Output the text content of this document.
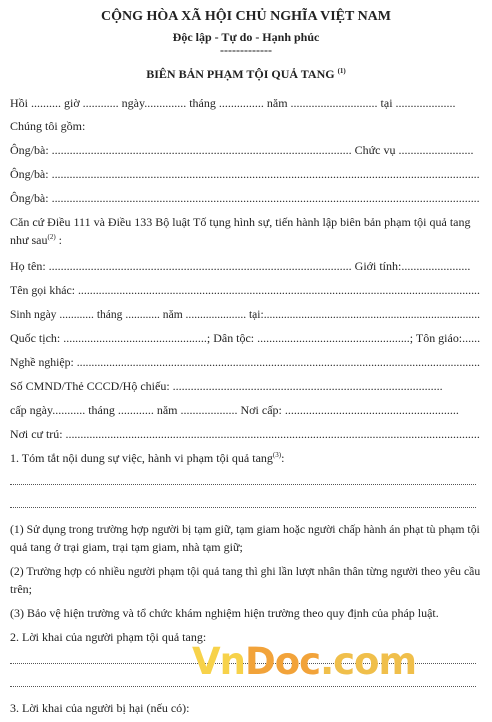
CỘNG HÒA XÃ HỘI CHỦ NGHĨA VIỆT NAM
Độc lập - Tự do - Hạnh phúc
-------------
BIÊN BẢN PHẠM TỘI QUẢ TANG $^{(1)}$
Hồi .......... giờ ............ ngày.............. tháng ............... năm ............................. tại ....................
Chúng tôi gồm:
Ông/bà: .................................................................................................... Chức vụ .........................
Ông/bà: ...............................................................................................................................................
Ông/bà: ...............................................................................................................................................
Căn cứ Điều 111 và Điều 133 Bộ luật Tố tụng hình sự, tiến hành lập biên bản phạm tội quả tang
như sau$^{(2)}$ :
Họ tên: ..................................................................................................... Giới tính:.......................
Tên gọi khác: ........................................................................................................................................
Sinh ngày ............ tháng ............ năm ..................... tại:...........................................................................
Quốc tịch: ................................................; Dân tộc: ...................................................; Tôn giáo:......
Nghề nghiệp: .........................................................................................................................................
Số CMND/Thẻ CCCD/Hộ chiếu: ..........................................................................................
cấp ngày........... tháng ............ năm ................... Nơi cấp: ..........................................................
Nơi cư trú: ...........................................................................................................................................
1. Tóm tắt nội dung sự việc, hành vi phạm tội quả tang$^{(3)}$:
(1) Sử dụng trong trường hợp người bị tạm giữ, tạm giam hoặc người chấp hành án phạt tù phạm tội
quả tang ở trại giam, trại tạm giam, nhà tạm giữ;
(2) Trường hợp có nhiều người phạm tội quả tang thì ghi lần lượt nhân thân từng người theo yêu cầu
trên;
(3) Bảo vệ hiện trường và tổ chức khám nghiệm hiện trường theo quy định của pháp luật.
2. Lời khai của người phạm tội quả tang:
3. Lời khai của người bị hại (nếu có):
VnDoc.com
